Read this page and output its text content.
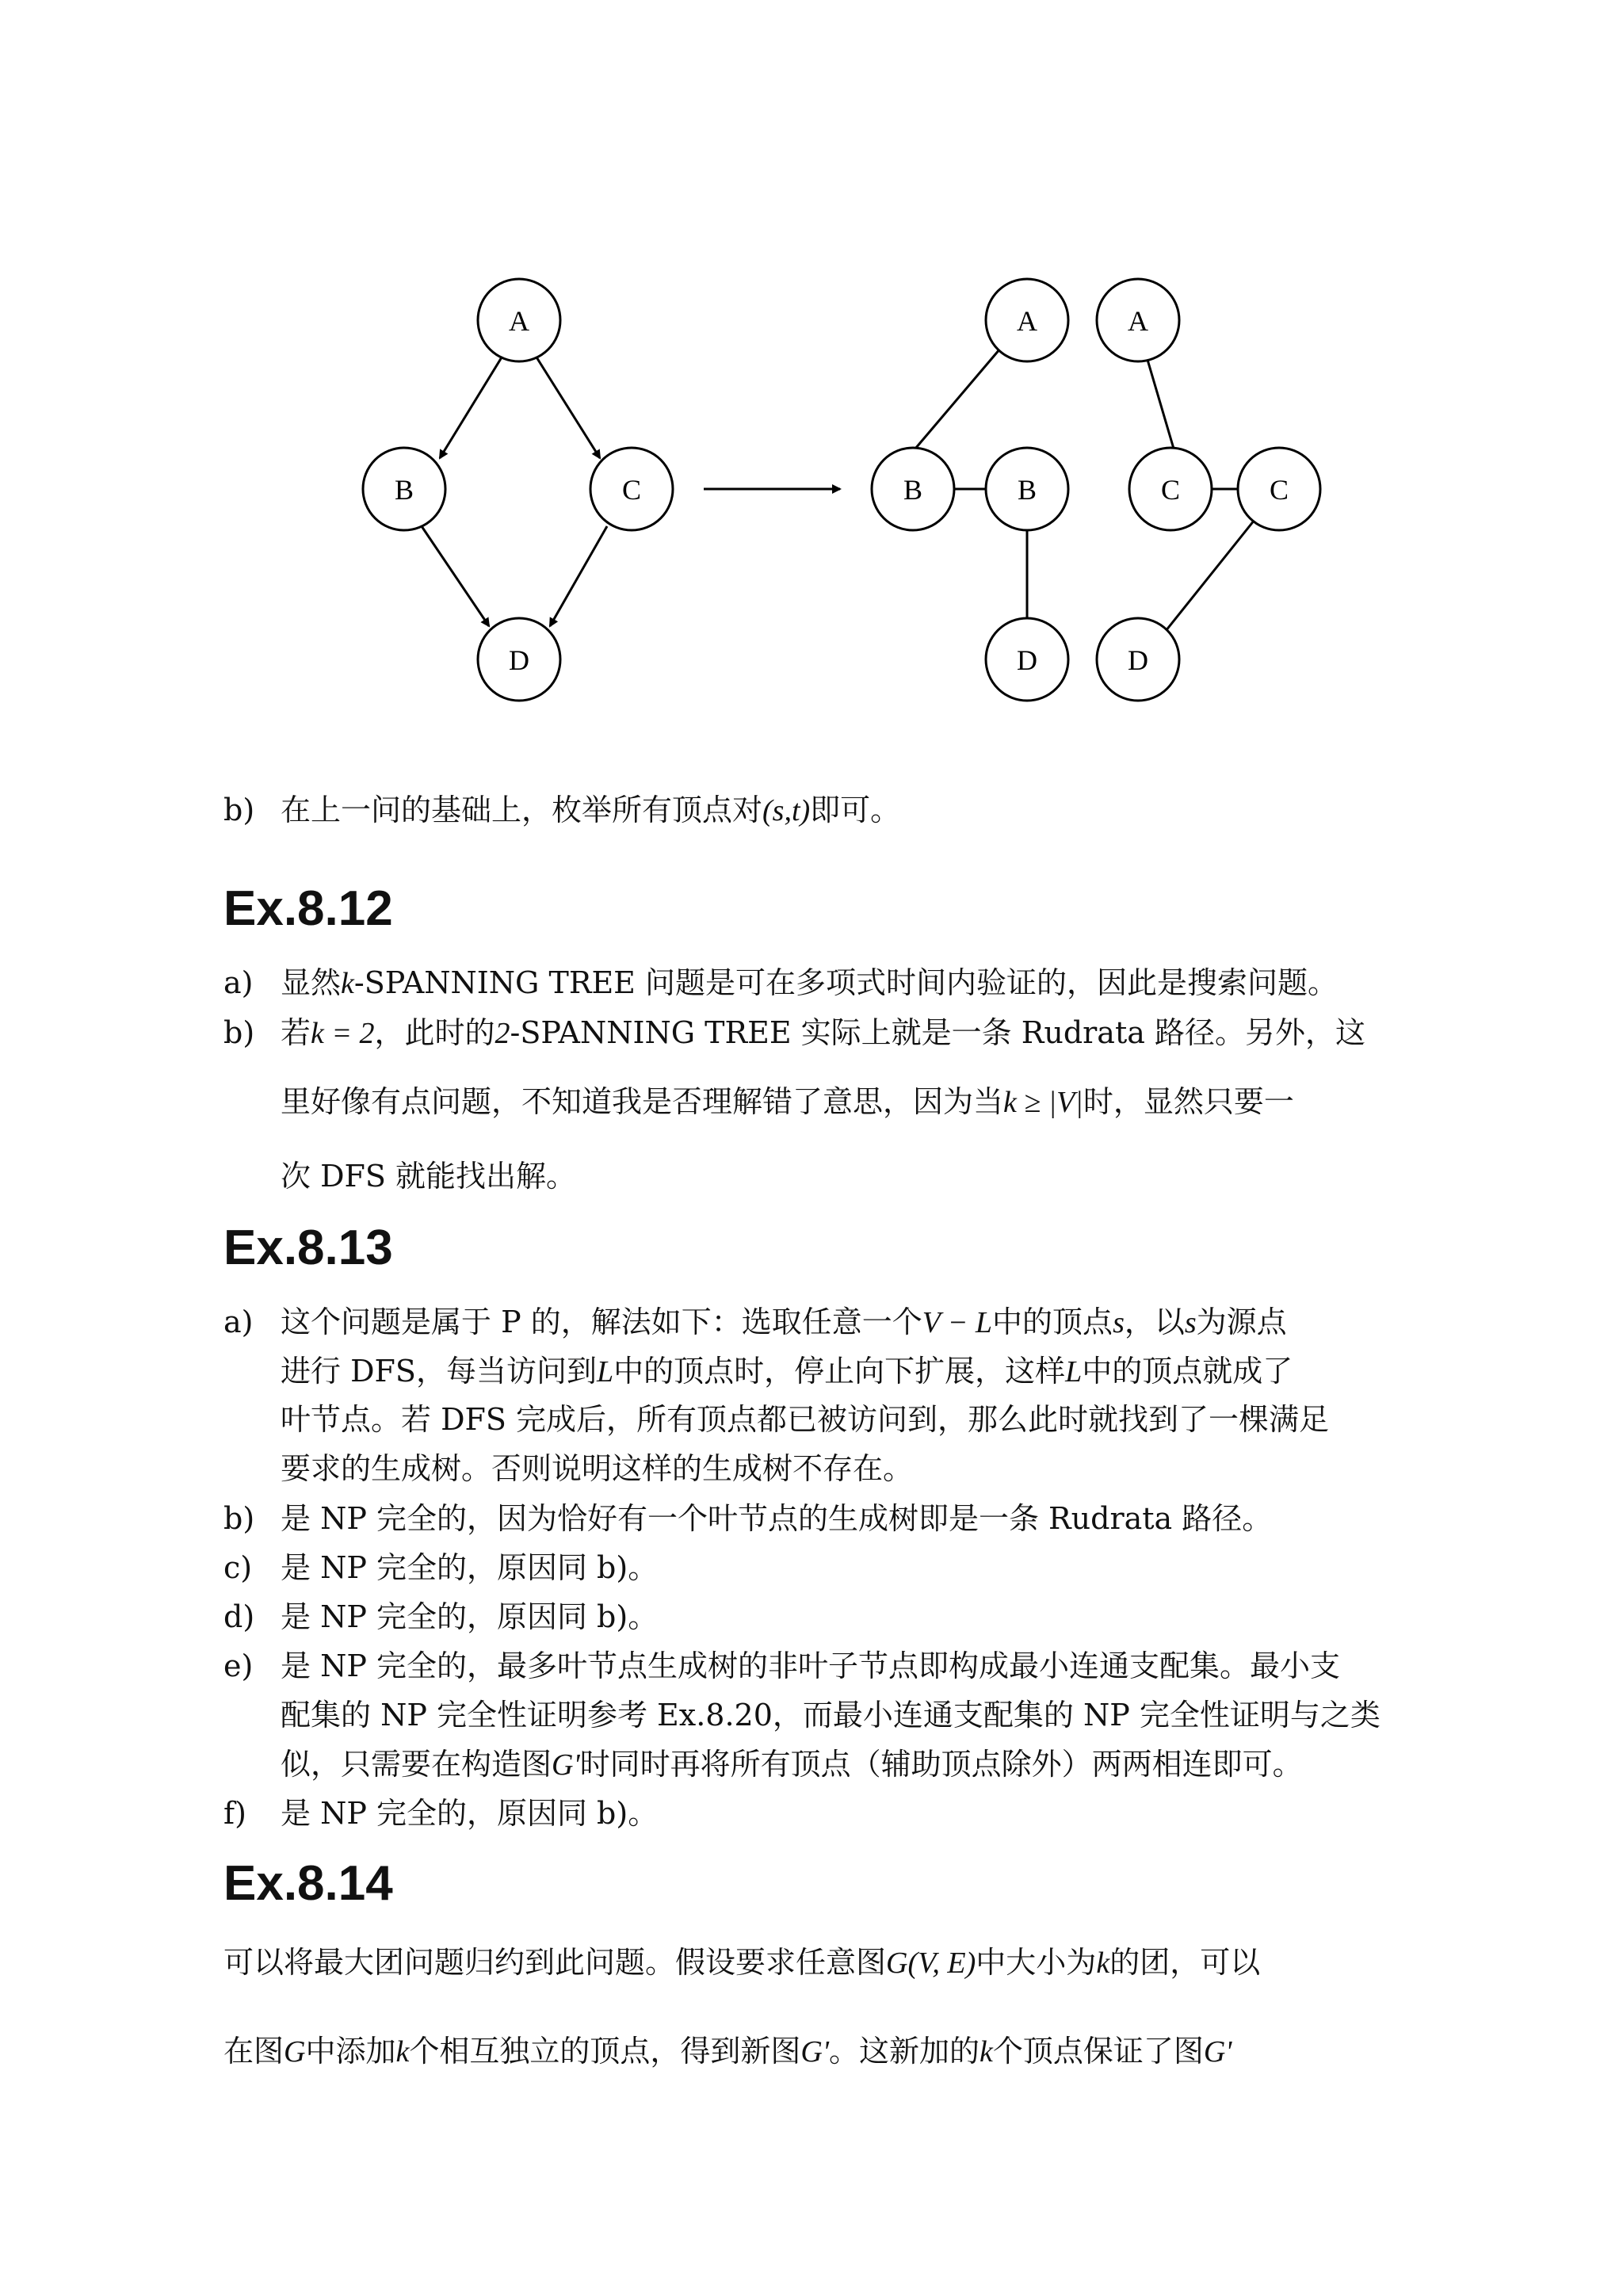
A
B	C
D
A
B	B
D
A
C	C
D
b) 在上一问的基础上，枚举所有顶点对(s,t)即可。
Ex.8.12
a) 显然k-SPANNING TREE 问题是可在多项式时间内验证的，因此是搜索问题。
b) 若k = 2，此时的2-SPANNING TREE 实际上就是一条 Rudrata 路径。另外，这
里好像有点问题，不知道我是否理解错了意思，因为当k ≥ |V|时，显然只要一
次 DFS 就能找出解。
Ex.8.13
a) 这个问题是属于 P 的，解法如下：选取任意一个V − L中的顶点s，以s为源点
进行 DFS，每当访问到L中的顶点时，停止向下扩展，这样L中的顶点就成了
叶节点。若 DFS 完成后，所有顶点都已被访问到，那么此时就找到了一棵满足
要求的生成树。否则说明这样的生成树不存在。
b) 是 NP 完全的，因为恰好有一个叶节点的生成树即是一条 Rudrata 路径。
c) 是 NP 完全的，原因同 b)。
d) 是 NP 完全的，原因同 b)。
e) 是 NP 完全的，最多叶节点生成树的非叶子节点即构成最小连通支配集。最小支
配集的 NP 完全性证明参考 Ex.8.20，而最小连通支配集的 NP 完全性证明与之类
似，只需要在构造图G'时同时再将所有顶点（辅助顶点除外）两两相连即可。
f) 是 NP 完全的，原因同 b)。
Ex.8.14
可以将最大团问题归约到此问题。假设要求任意图G(V, E)中大小为k的团，可以
在图G中添加k个相互独立的顶点，得到新图G'。这新加的k个顶点保证了图G'
